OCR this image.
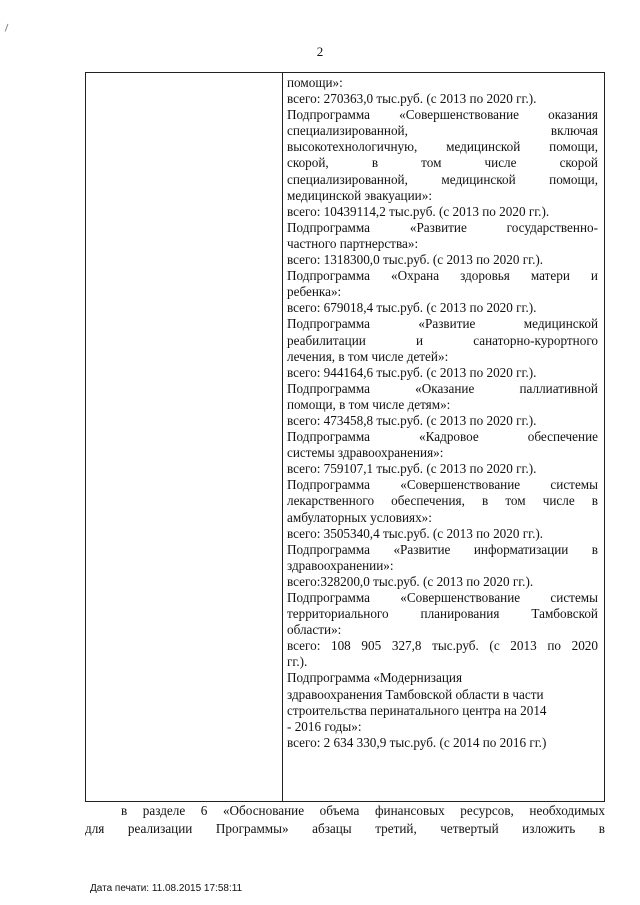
2
помощи»:
всего: 270363,0 тыс.руб. (с 2013 по 2020 гг.).
Подпрограмма «Совершенствование оказания
специализированной, включая
высокотехнологичную, медицинской помощи,
скорой, в том числе скорой
специализированной, медицинской помощи,
медицинской эвакуации»:
всего: 10439114,2 тыс.руб. (с 2013 по 2020 гг.).
Подпрограмма «Развитие государственно-
частного партнерства»:
всего: 1318300,0 тыс.руб. (с 2013 по 2020 гг.).
Подпрограмма «Охрана здоровья матери и
ребенка»:
всего: 679018,4 тыс.руб. (с 2013 по 2020 гг.).
Подпрограмма «Развитие медицинской
реабилитации и санаторно-курортного
лечения, в том числе детей»:
всего: 944164,6 тыс.руб. (с 2013 по 2020 гг.).
Подпрограмма «Оказание паллиативной
помощи, в том числе детям»:
всего: 473458,8 тыс.руб. (с 2013 по 2020 гг.).
Подпрограмма «Кадровое обеспечение
системы здравоохранения»:
всего: 759107,1 тыс.руб. (с 2013 по 2020 гг.).
Подпрограмма «Совершенствование системы
лекарственного обеспечения, в том числе в
амбулаторных условиях»:
всего: 3505340,4 тыс.руб. (с 2013 по 2020 гг.).
Подпрограмма «Развитие информатизации в
здравоохранении»:
всего:328200,0 тыс.руб. (с 2013 по 2020 гг.).
Подпрограмма «Совершенствование системы
территориального планирования Тамбовской
области»:
всего: 108 905 327,8 тыс.руб. (с 2013 по 2020
гг.).
Подпрограмма «Модернизация
здравоохранения Тамбовской области в части
строительства перинатального центра на 2014
- 2016 годы»:
всего: 2 634 330,9 тыс.руб. (с 2014 по 2016 гг.)
в разделе 6 «Обоснование объема финансовых ресурсов, необходимых
для реализации Программы» абзацы третий, четвертый изложить в
Дата печати: 11.08.2015 17:58:11
